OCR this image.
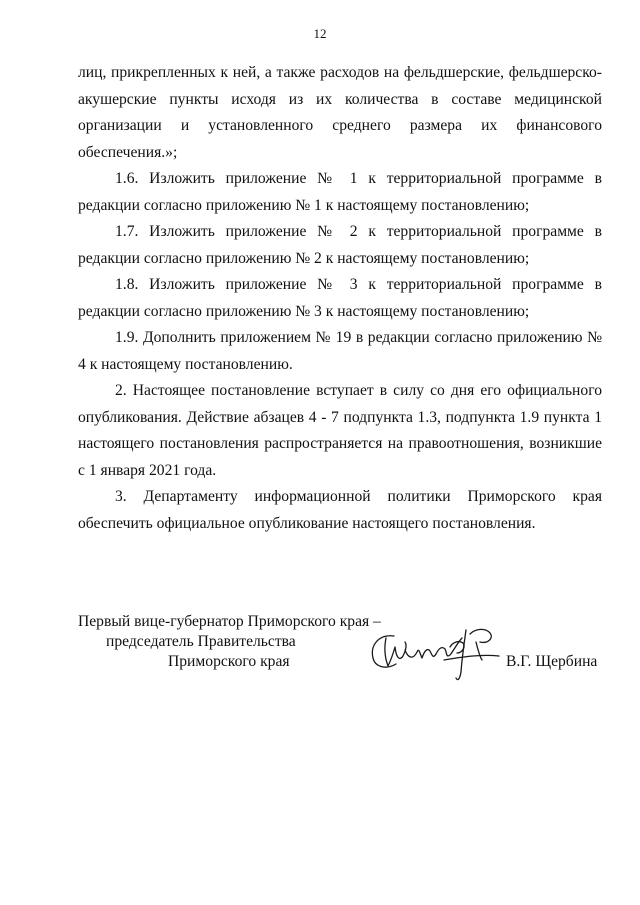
12

лиц, прикрепленных к ней, а также расходов на фельдшерские, фельдшерско-акушерские пункты исходя из их количества в составе медицинской организации и установленного среднего размера их финансового обеспечения.»;

1.6. Изложить приложение № 1 к территориальной программе в редакции согласно приложению № 1 к настоящему постановлению;

1.7. Изложить приложение № 2 к территориальной программе в редакции согласно приложению № 2 к настоящему постановлению;

1.8. Изложить приложение № 3 к территориальной программе в редакции согласно приложению № 3 к настоящему постановлению;

1.9. Дополнить приложением № 19 в редакции согласно приложению № 4 к настоящему постановлению.

2. Настоящее постановление вступает в силу со дня его официального опубликования. Действие абзацев 4 - 7 подпункта 1.3, подпункта 1.9 пункта 1 настоящего постановления распространяется на правоотношения, возникшие с 1 января 2021 года.

3. Департаменту информационной политики Приморского края обеспечить официальное опубликование настоящего постановления.

Первый вице-губернатор Приморского края –
председатель Правительства
Приморского края	В.Г. Щербина
